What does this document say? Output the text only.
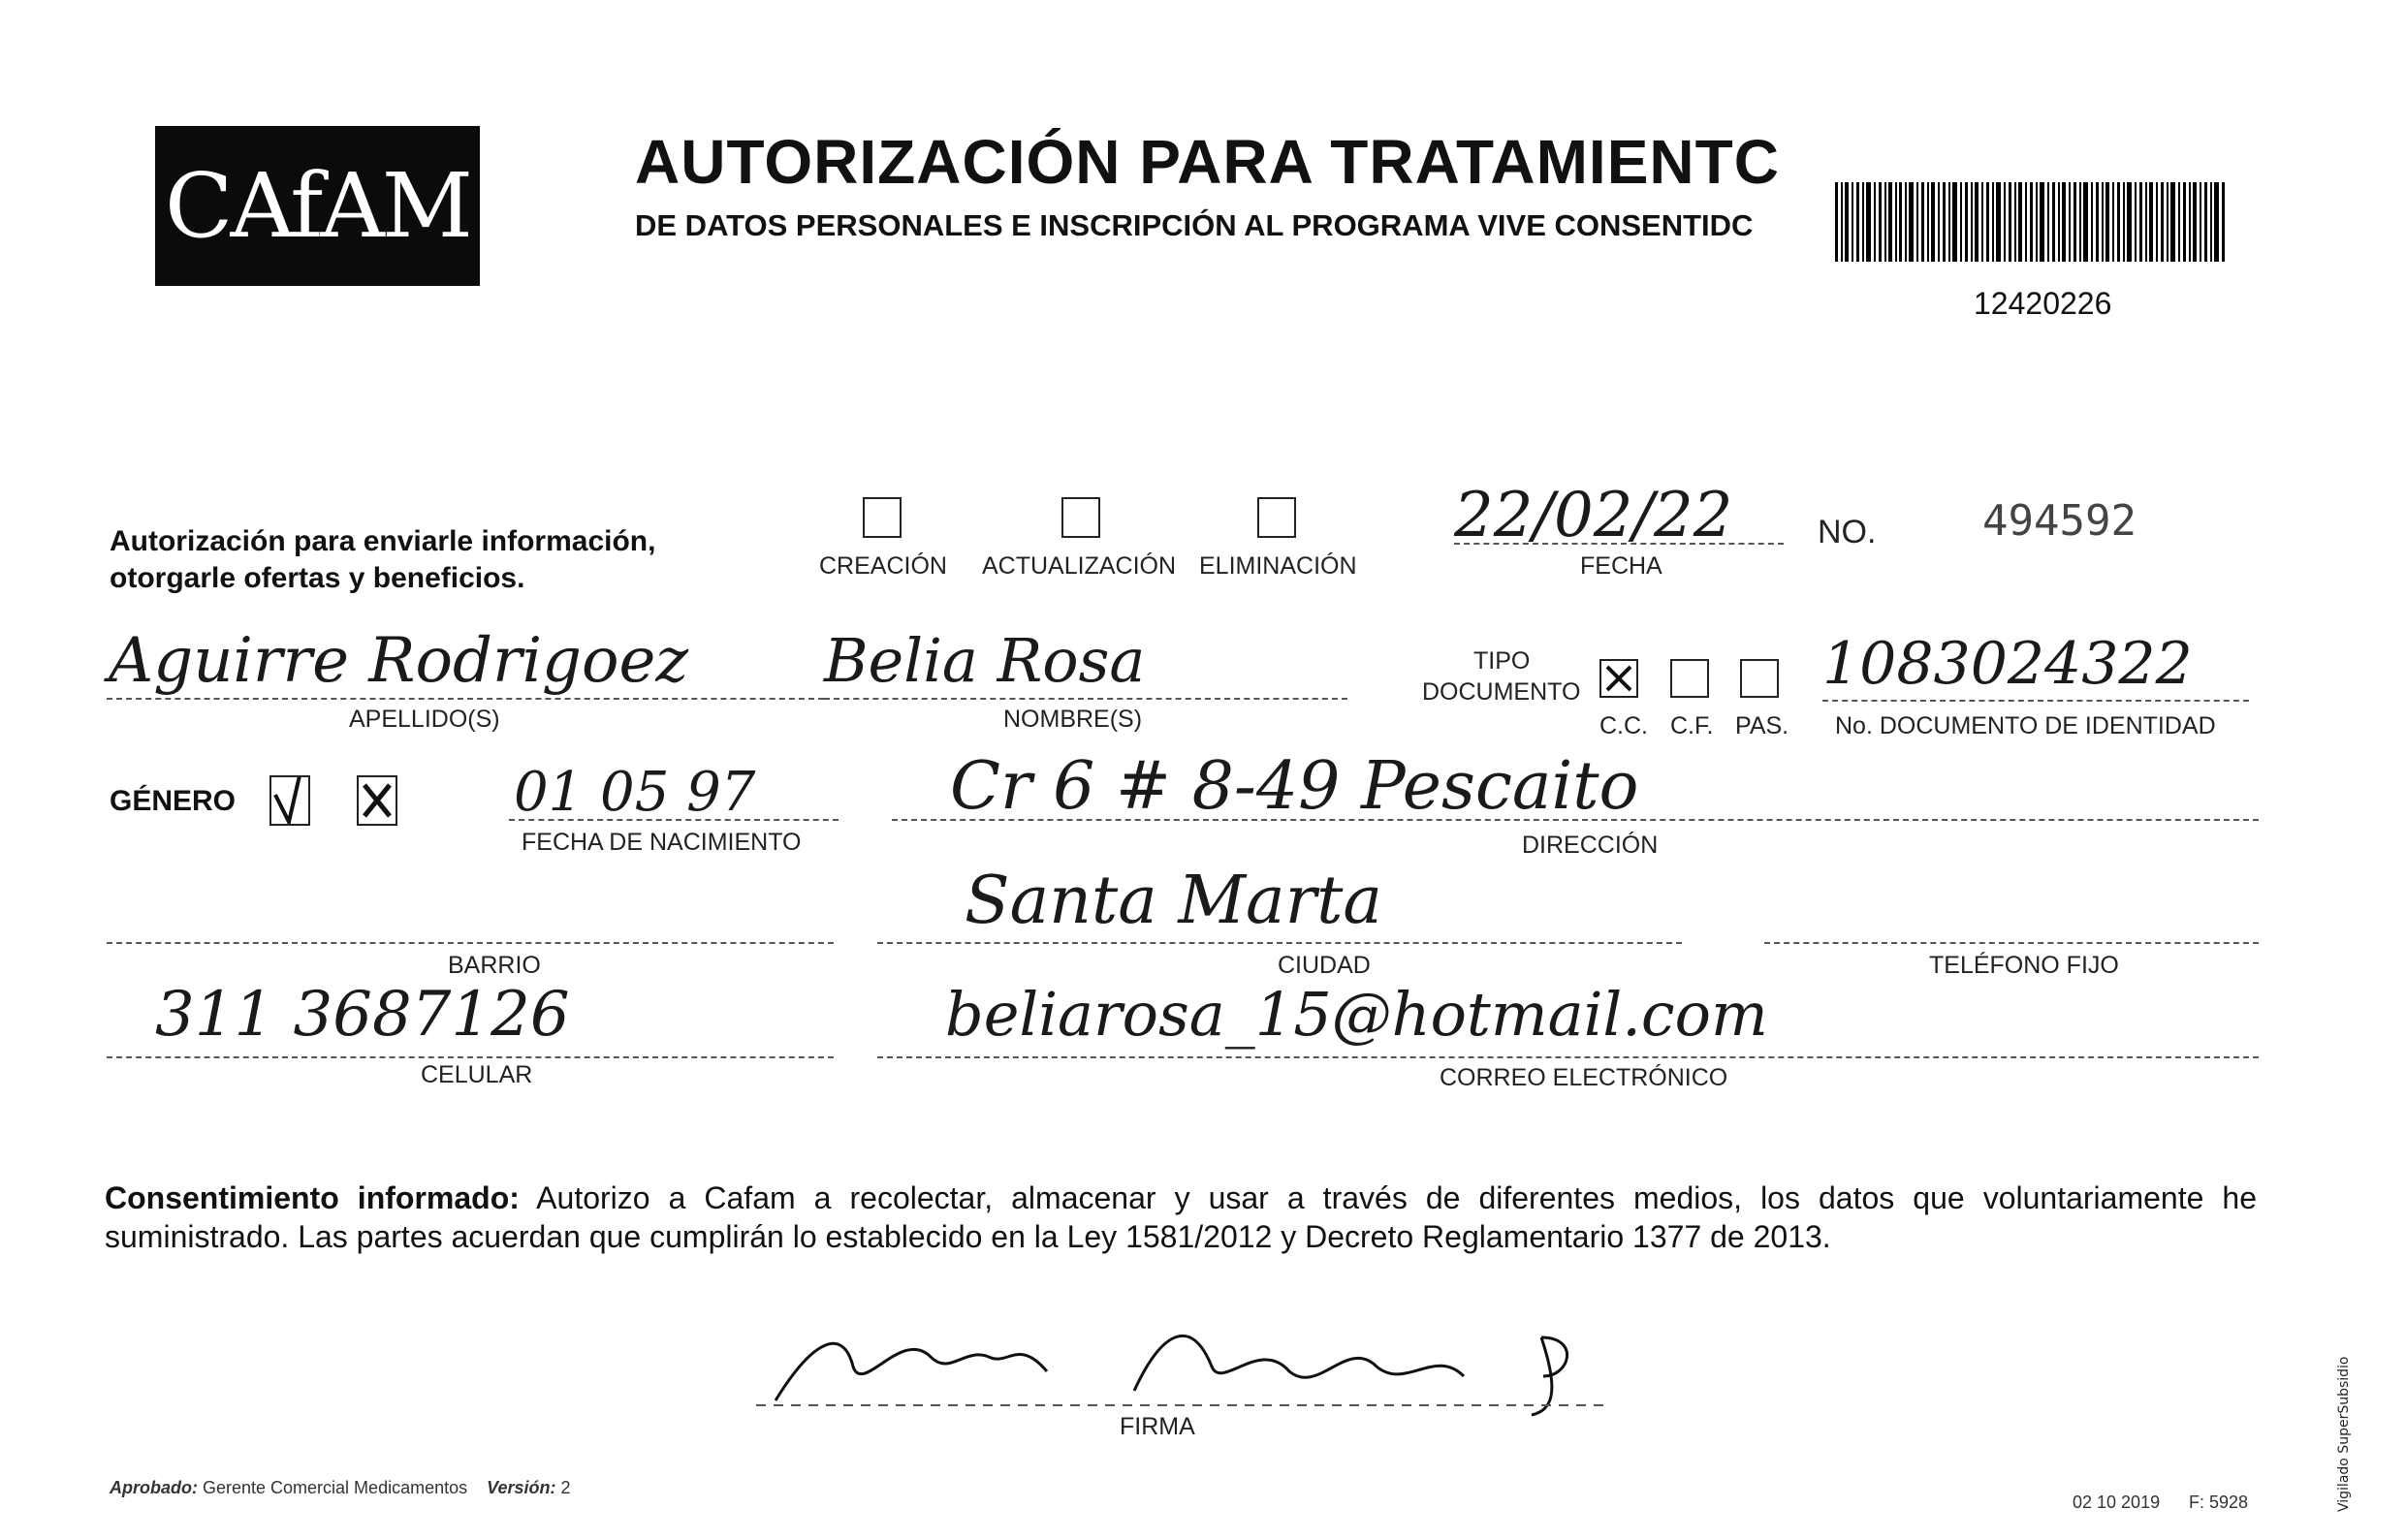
CAfAM	AUTORIZACIÓN PARA TRATAMIENTC
DE DATOS PERSONALES E INSCRIPCIÓN AL PROGRAMA VIVE CONSENTIDC
12420226
Autorización para enviarle información,
otorgarle ofertas y beneficios.	CREACIÓN ACTUALIZACIÓN ELIMINACIÓN
22/02/22
FECHA
NO. 494592
Aguirre Rodrigoez
APELLIDO(S)
Belia Rosa
NOMBRE(S)
TIPO
DOCUMENTO
C.C. C.F. PAS.
1083024322
No. DOCUMENTO DE IDENTIDAD
GÉNERO	01 05 97
FECHA DE NACIMIENTO
Cr 6 # 8-49 Pescaito
DIRECCIÓN
BARRIO
Santa Marta
CIUDAD	TELÉFONO FIJO
311 3687126
CELULAR
beliarosa_15@hotmail.com
CORREO ELECTRÓNICO
Consentimiento informado: Autorizo a Cafam a recolectar, almacenar y usar a través de diferentes medios, los datos que voluntariamente he suministrado. Las partes acuerdan que cumplirán lo establecido en la Ley 1581/2012 y Decreto Reglamentario 1377 de 2013.
FIRMA
Aprobado: Gerente Comercial Medicamentos Versión: 2
02 10 2019 F: 5928	Vigilado SuperSubsidio
